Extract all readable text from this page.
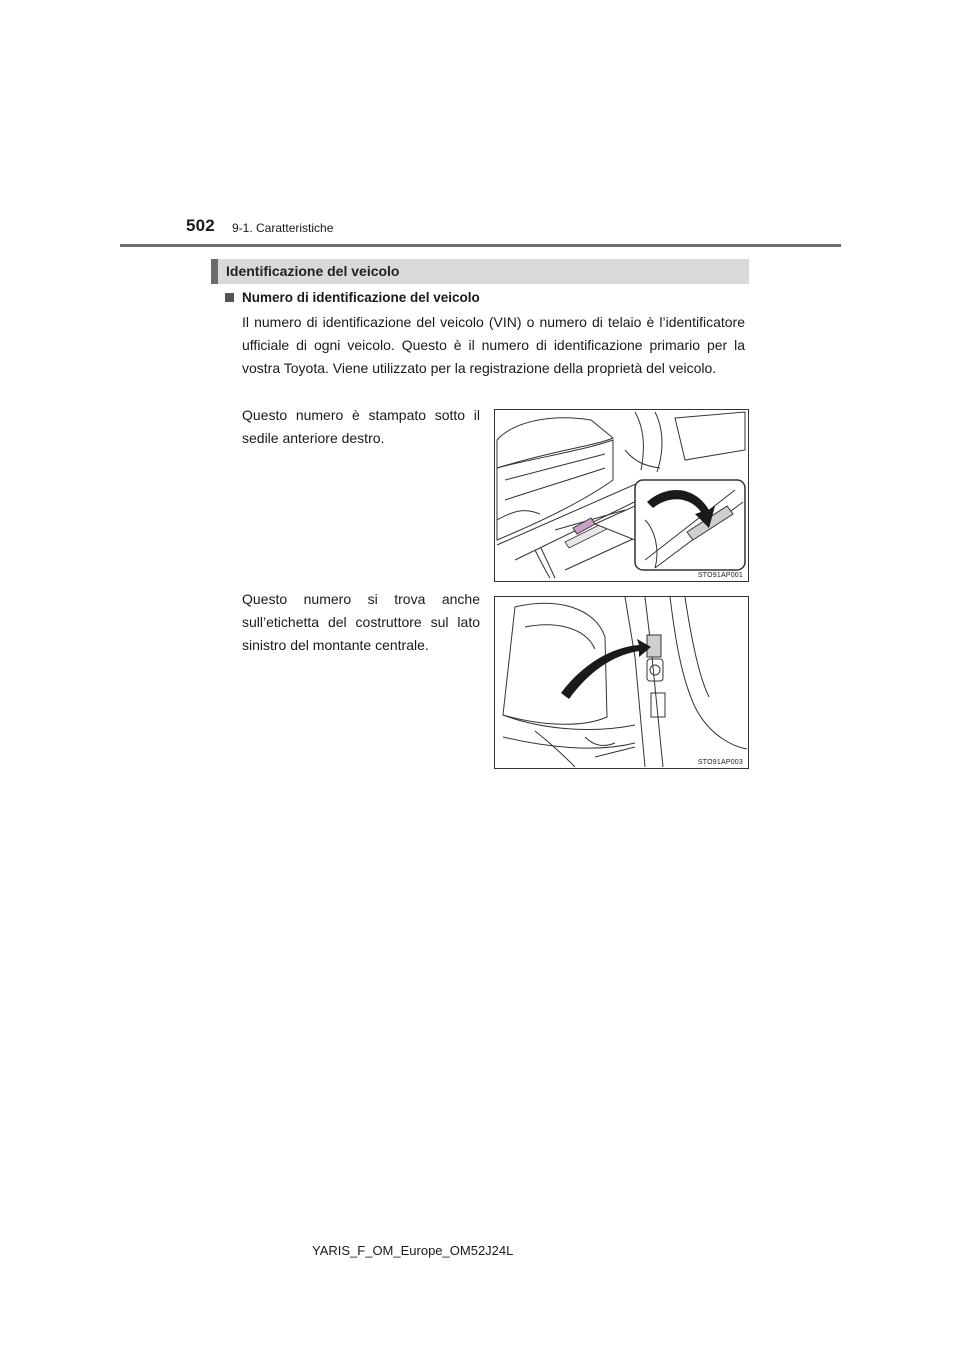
502 9-1. Caratteristiche
Identificazione del veicolo
Numero di identificazione del veicolo

Il numero di identificazione del veicolo (VIN) o numero di telaio è l’identificatore ufficiale di ogni veicolo. Questo è il numero di identificazione primario per la vostra Toyota. Viene utilizzato per la registrazione della proprietà del veicolo.

Questo numero è stampato sotto il sedile anteriore destro.

Questo numero si trova anche sull’etichetta del costruttore sul lato sinistro del montante centrale.

STO91AP001
STO91AP003
YARIS_F_OM_Europe_OM52J24L
